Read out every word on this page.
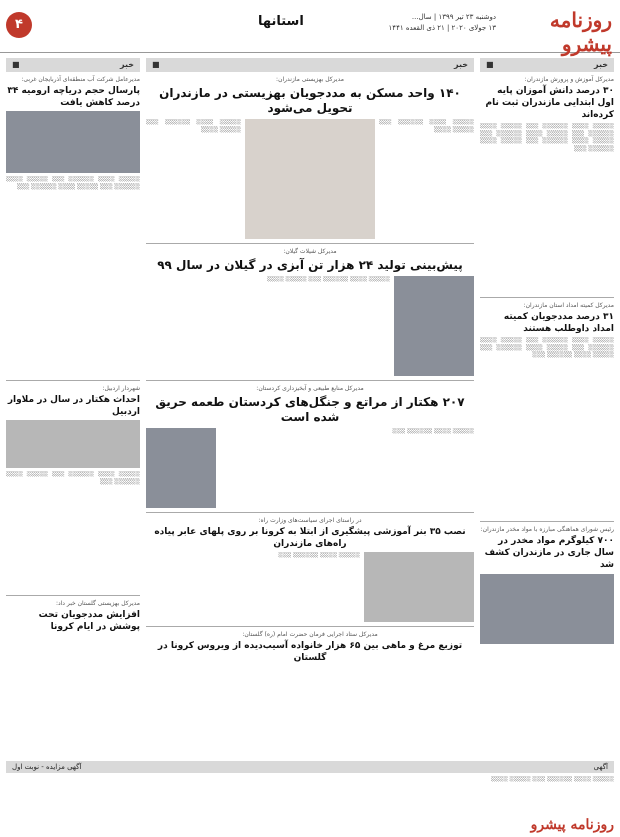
روزنامه پیشرو
دوشنبه ۲۳ تیر ۱۳۹۹ | سال...
۱۳ جولای ۲۰۲۰ | ۲۱ ذی القعده ۱۴۴۱
استانها
۴
خبر
■
مدیرکل آموزش و پرورش مازندران:
۳۰ درصد دانش آموزان پایه اول ابتدایی مازندران ثبت نام کرده‌اند
░░░░░ ░░░░ ░░░░░░ ░░░ ░░░░░ ░░░░ ░░░░░░ ░░░ ░░░░░ ░░░░ ░░░░░░ ░░░ ░░░░░ ░░░░ ░░░░░░ ░░░ ░░░░░ ░░░░ ░░░░░░ ░░░
مدیرکل کمیته امداد استان مازندران:
۳۱ درصد مددجویان کمیته امداد داوطلب هستند
░░░░░ ░░░░ ░░░░░░ ░░░ ░░░░░ ░░░░ ░░░░░░ ░░░ ░░░░░ ░░░░ ░░░░░░ ░░░ ░░░░░ ░░░░ ░░░░░░ ░░░
رئیس شورای هماهنگی مبارزه با مواد مخدر مازندران:
۷۰۰ کیلوگرم مواد مخدر در سال جاری در مازندران کشف شد
خبر
■
مدیرعامل شرکت آب منطقه‌ای آذربایجان غربی:
پارسال حجم دریاچه ارومیه ۳۴ درصد کاهش یافت
░░░░░ ░░░░ ░░░░░░ ░░░ ░░░░░ ░░░░ ░░░░░░ ░░░ ░░░░░ ░░░░ ░░░░░░ ░░░
شهردار اردبیل:
احداث هکتار در سال در ملاوار اردبیل
░░░░░ ░░░░ ░░░░░░ ░░░ ░░░░░ ░░░░ ░░░░░░ ░░░
مدیرکل بهزیستی گلستان خبر داد:
افزایش مددجویان تحت پوشش در ایام کرونا
خبر
■
مدیرکل بهزیستی مازندران:
۱۴۰ واحد مسکن به مددجویان بهزیستی در مازندران تحویل می‌شود
░░░░░ ░░░░ ░░░░░░ ░░░ ░░░░░ ░░░░
░░░░░ ░░░░ ░░░░░░ ░░░ ░░░░░ ░░░░
مدیرکل شیلات گیلان:
پیش‌بینی تولید ۲۴ هزار تن آبزی در گیلان در سال ۹۹
░░░░░ ░░░░ ░░░░░░ ░░░ ░░░░░ ░░░░
مدیرکل منابع طبیعی و آبخیزداری کردستان:
۲۰۷ هکتار از مراتع و جنگل‌های کردستان طعمه حریق شده است
░░░░░ ░░░░ ░░░░░░ ░░░
در راستای اجرای سیاست‌های وزارت راه:
نصب ۳۵ بنر آموزشی پیشگیری از ابتلا به کرونا بر روی پلهای عابر پیاده راه‌های مازندران
░░░░░ ░░░░ ░░░░░░ ░░░
مدیرکل ستاد اجرایی فرمان حضرت امام (ره) گلستان:
توزیع مرغ و ماهی بین ۶۵ هزار خانواده آسیب‌دیده از ویروس کرونا در گلستان
آگهی
آگهی مزایده - نوبت اول
░░░░░ ░░░░ ░░░░░░ ░░░ ░░░░░ ░░░░
روزنامه پیشرو
